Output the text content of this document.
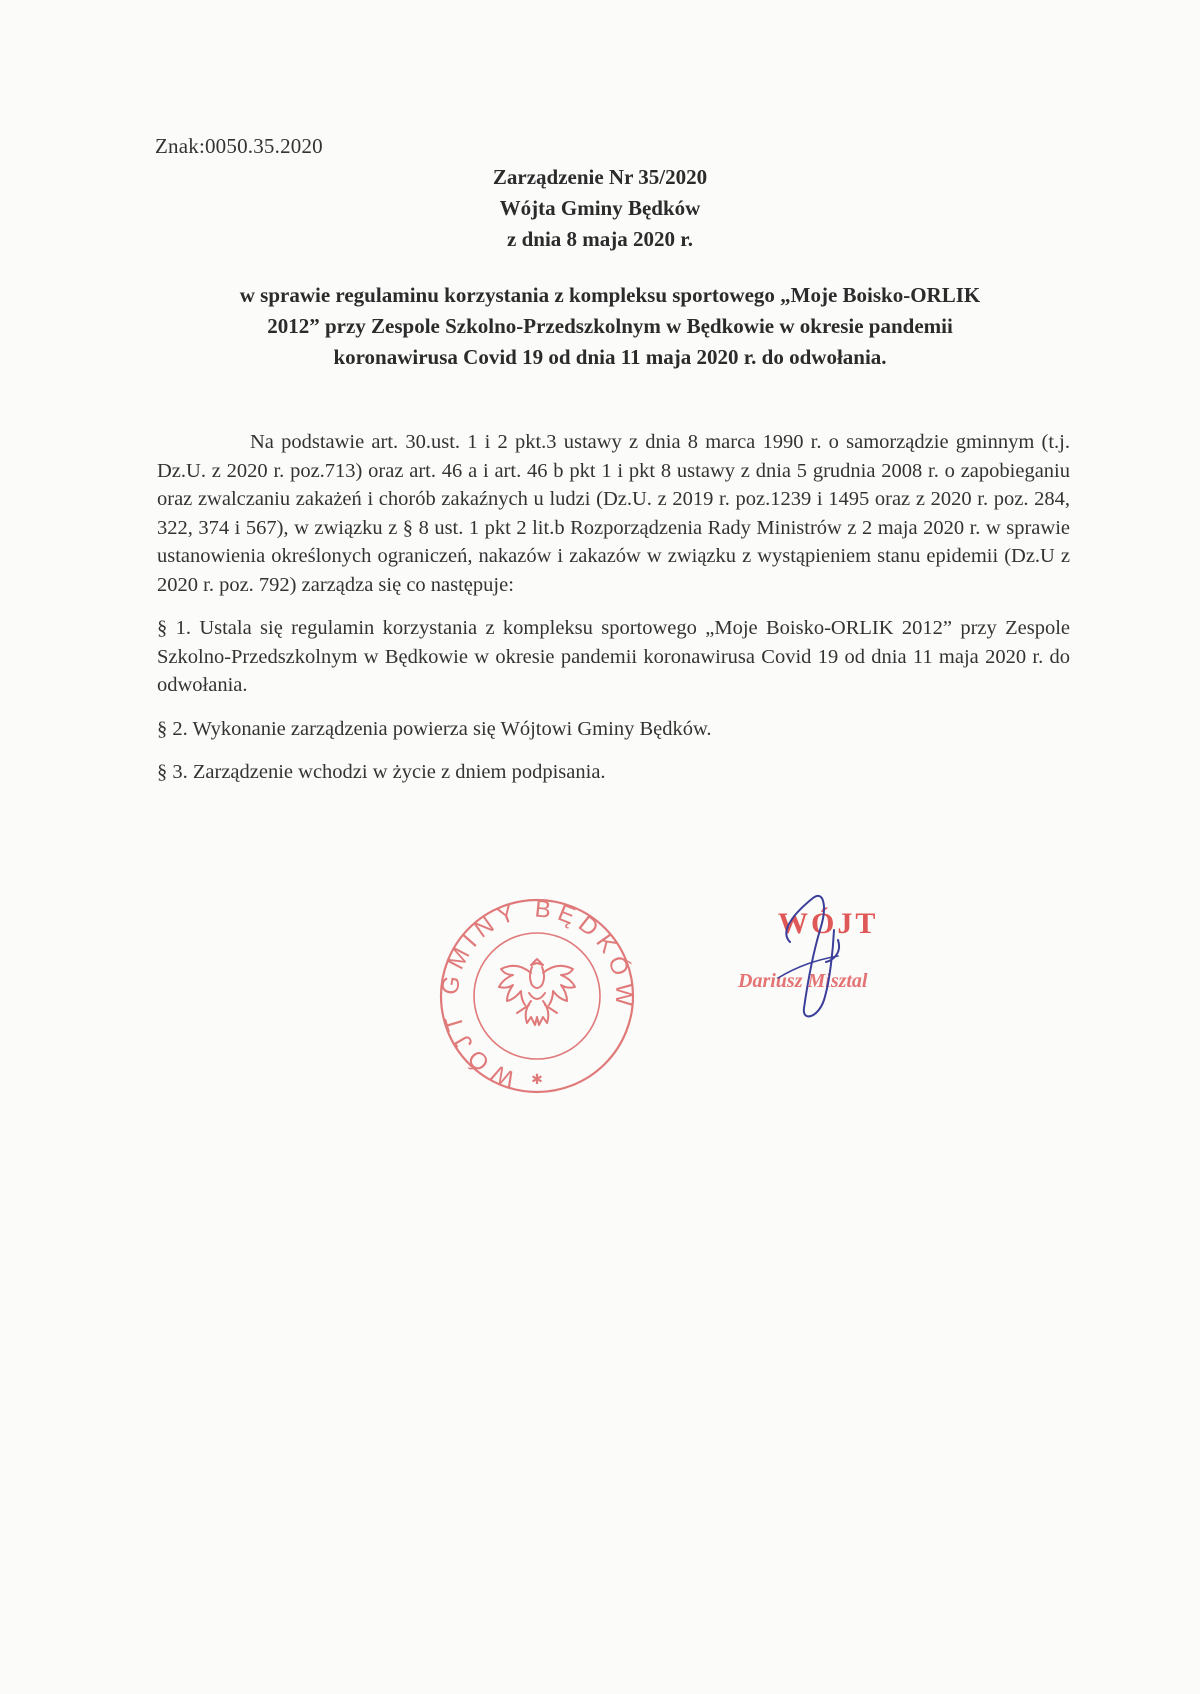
Znak:0050.35.2020
Zarządzenie Nr 35/2020
Wójta Gminy Będków
z dnia 8 maja 2020 r.
w sprawie regulaminu korzystania z kompleksu sportowego „Moje Boisko-ORLIK
2012” przy Zespole Szkolno-Przedszkolnym w Będkowie w okresie pandemii
koronawirusa Covid 19 od dnia 11 maja 2020 r. do odwołania.

Na podstawie art. 30.ust. 1 i 2 pkt.3 ustawy z dnia 8 marca 1990 r. o samorządzie gminnym (t.j. Dz.U. z 2020 r. poz.713) oraz art. 46 a i art. 46 b pkt 1 i pkt 8 ustawy z dnia 5 grudnia 2008 r. o zapobieganiu oraz zwalczaniu zakażeń i chorób zakaźnych u ludzi (Dz.U. z 2019 r. poz.1239 i 1495 oraz z 2020 r. poz. 284, 322, 374 i 567), w związku z § 8 ust. 1 pkt 2 lit.b Rozporządzenia Rady Ministrów z 2 maja 2020 r. w sprawie ustanowienia określonych ograniczeń, nakazów i zakazów w związku z wystąpieniem stanu epidemii (Dz.U z 2020 r. poz. 792) zarządza się co następuje:

§ 1. Ustala się regulamin korzystania z kompleksu sportowego „Moje Boisko-ORLIK 2012” przy Zespole Szkolno-Przedszkolnym w Będkowie w okresie pandemii koronawirusa Covid 19 od dnia 11 maja 2020 r. do odwołania.

§ 2. Wykonanie zarządzenia powierza się Wójtowi Gminy Będków.

§ 3. Zarządzenie wchodzi w życie z dniem podpisania.

WÓJT GMINY BĘDKÓW
✱
WÓJT
Dariusz Misztal
